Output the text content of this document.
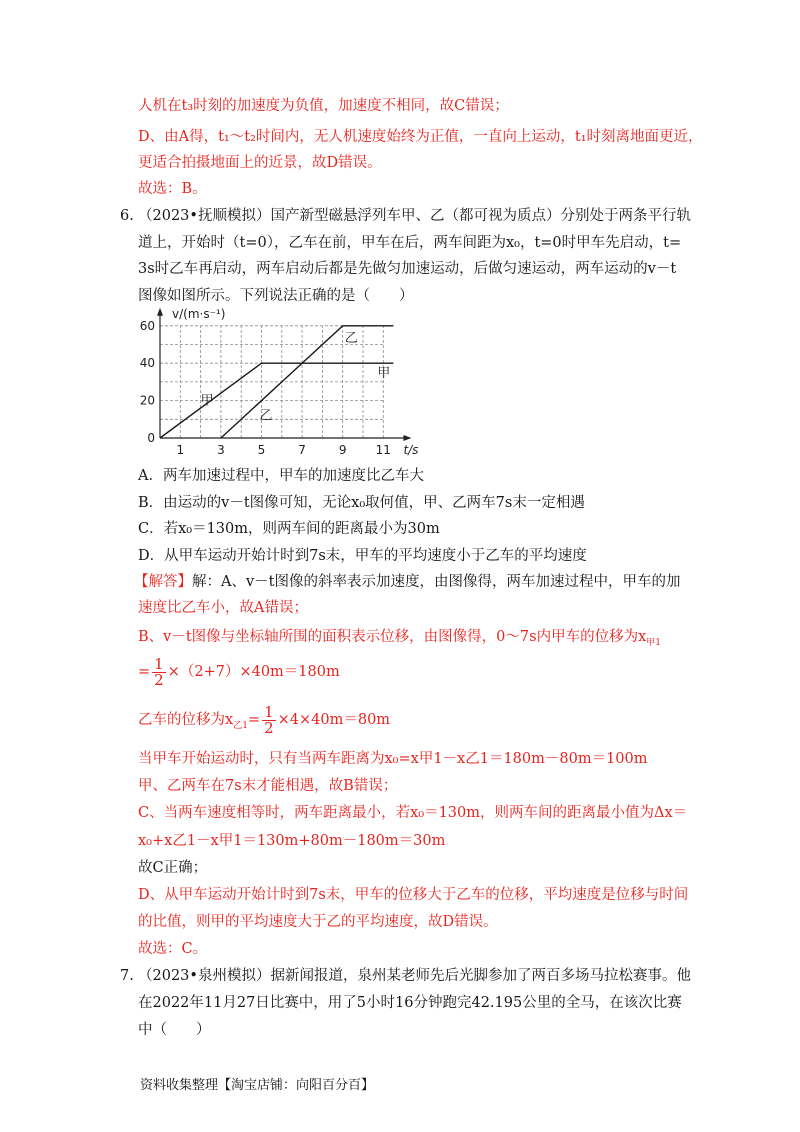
人机在t₃时刻的加速度为负值，加速度不相同，故C错误；
D、由A得，t₁～t₂时间内，无人机速度始终为正值，一直向上运动，t₁时刻离地面更近，
更适合拍摄地面上的近景，故D错误。
故选：B。
6. （2023•抚顺模拟）国产新型磁悬浮列车甲、乙（都可视为质点）分别处于两条平行轨
道上，开始时（t=0），乙车在前，甲车在后，两车间距为x₀，t=0时甲车先启动，t=
3s时乙车再启动，两车启动后都是先做匀加速运动，后做匀速运动，两车运动的v－t
图像如图所示。下列说法正确的是（　　）
1	3	5	7	9 11
20
40
60
0
t/s
v/(m·s⁻¹)
甲
甲
乙
乙
A．两车加速过程中，甲车的加速度比乙车大
B．由运动的v－t图像可知，无论x₀取何值，甲、乙两车7s末一定相遇
C．若x₀＝130m，则两车间的距离最小为30m
D．从甲车运动开始计时到7s末，甲车的平均速度小于乙车的平均速度
【解答】解：A、v－t图像的斜率表示加速度，由图像得，两车加速过程中，甲车的加
速度比乙车小，故A错误；
B、v－t图像与坐标轴所围的面积表示位移，由图像得，0～7s内甲车的位移为$x_{甲1}$
= $\frac{1}{2} \times(2+7)\times 40m=180m$
乙车的位移为$x_{乙1}= \frac{1}{2} \times 4\times 40m=80m$
当甲车开始运动时，只有当两车距离为x₀=x甲1－x乙1＝180m－80m＝100m
甲、乙两车在7s末才能相遇，故B错误；
C、当两车速度相等时，两车距离最小，若x₀＝130m，则两车间的距离最小值为Δx＝
x₀+x乙1－x甲1＝130m+80m－180m＝30m
故C正确；
D、从甲车运动开始计时到7s末，甲车的位移大于乙车的位移，平均速度是位移与时间
的比值，则甲的平均速度大于乙的平均速度，故D错误。
故选：C。
7. （2023•泉州模拟）据新闻报道，泉州某老师先后光脚参加了两百多场马拉松赛事。他
在2022年11月27日比赛中，用了5小时16分钟跑完42.195公里的全马，在该次比赛
中（　　）
资料收集整理【淘宝店铺：向阳百分百】
